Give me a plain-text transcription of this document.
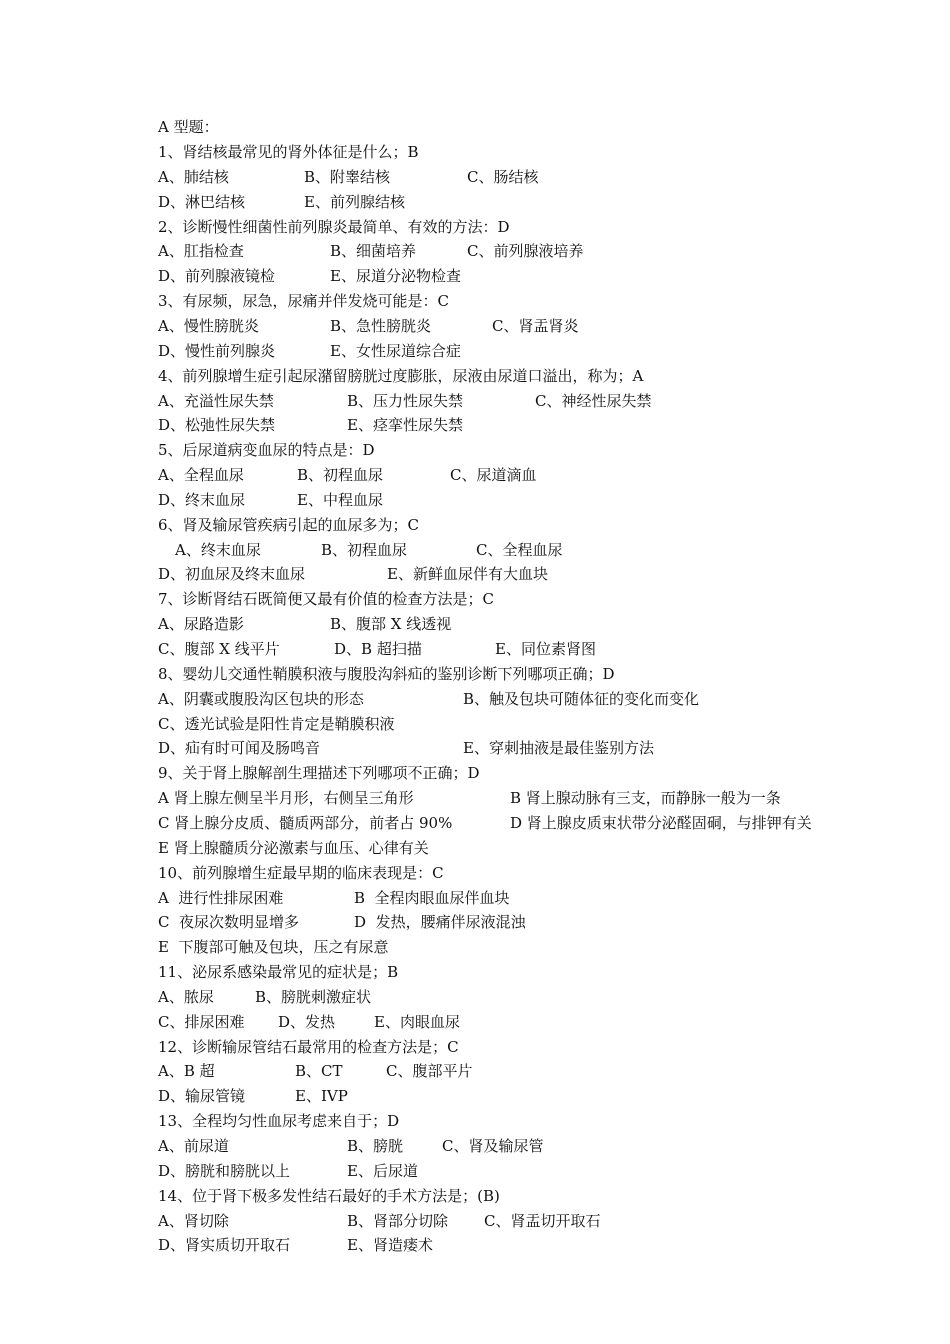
A 型题：
1、肾结核最常见的肾外体征是什么；B
A、肺结核	B、附睾结核	C、肠结核
D、淋巴结核	E、前列腺结核
2、诊断慢性细菌性前列腺炎最简单、有效的方法：D
A、肛指检查	B、细菌培养	C、前列腺液培养
D、前列腺液镜检	E、尿道分泌物检查
3、有尿频，尿急，尿痛并伴发烧可能是：C
A、慢性膀胱炎	B、急性膀胱炎	C、肾盂肾炎
D、慢性前列腺炎	E、女性尿道综合症
4、前列腺增生症引起尿潴留膀胱过度膨胀，尿液由尿道口溢出，称为；A
A、充溢性尿失禁	B、压力性尿失禁	C、神经性尿失禁
D、松弛性尿失禁	E、痉挛性尿失禁
5、后尿道病变血尿的特点是：D
A、全程血尿	B、初程血尿	C、尿道滴血
D、终末血尿	E、中程血尿
6、肾及输尿管疾病引起的血尿多为；C
A、终末血尿	B、初程血尿	C、全程血尿
D、初血尿及终末血尿	E、新鲜血尿伴有大血块
7、诊断肾结石既简便又最有价值的检查方法是；C
A、尿路造影	B、腹部 X 线透视
C、腹部 X 线平片	D、B 超扫描	E、同位素肾图
8、婴幼儿交通性鞘膜积液与腹股沟斜疝的鉴别诊断下列哪项正确；D
A、阴囊或腹股沟区包块的形态	B、触及包块可随体征的变化而变化
C、透光试验是阳性肯定是鞘膜积液
D、疝有时可闻及肠鸣音	E、穿刺抽液是最佳鉴别方法
9、关于肾上腺解剖生理描述下列哪项不正确；D
A 肾上腺左侧呈半月形，右侧呈三角形	B 肾上腺动脉有三支，而静脉一般为一条
C 肾上腺分皮质、髓质两部分，前者占 90%	D 肾上腺皮质束状带分泌醛固硐，与排钾有关
E 肾上腺髓质分泌激素与血压、心律有关
10、前列腺增生症最早期的临床表现是：C
A  进行性排尿困难	B  全程肉眼血尿伴血块
C  夜尿次数明显增多	D  发热，腰痛伴尿液混浊
E  下腹部可触及包块，压之有尿意
11、泌尿系感染最常见的症状是；B
A、脓尿	B、膀胱刺激症状
C、排尿困难 D、发热	E、肉眼血尿
12、诊断输尿管结石最常用的检查方法是；C
A、B 超	B、CT	C、腹部平片
D、输尿管镜	E、IVP
13、全程均匀性血尿考虑来自于；D
A、前尿道	B、膀胱	C、肾及输尿管
D、膀胱和膀胱以上	E、后尿道
14、位于肾下极多发性结石最好的手术方法是；(B)
A、肾切除	B、肾部分切除 C、肾盂切开取石
D、肾实质切开取石	E、肾造瘘术
